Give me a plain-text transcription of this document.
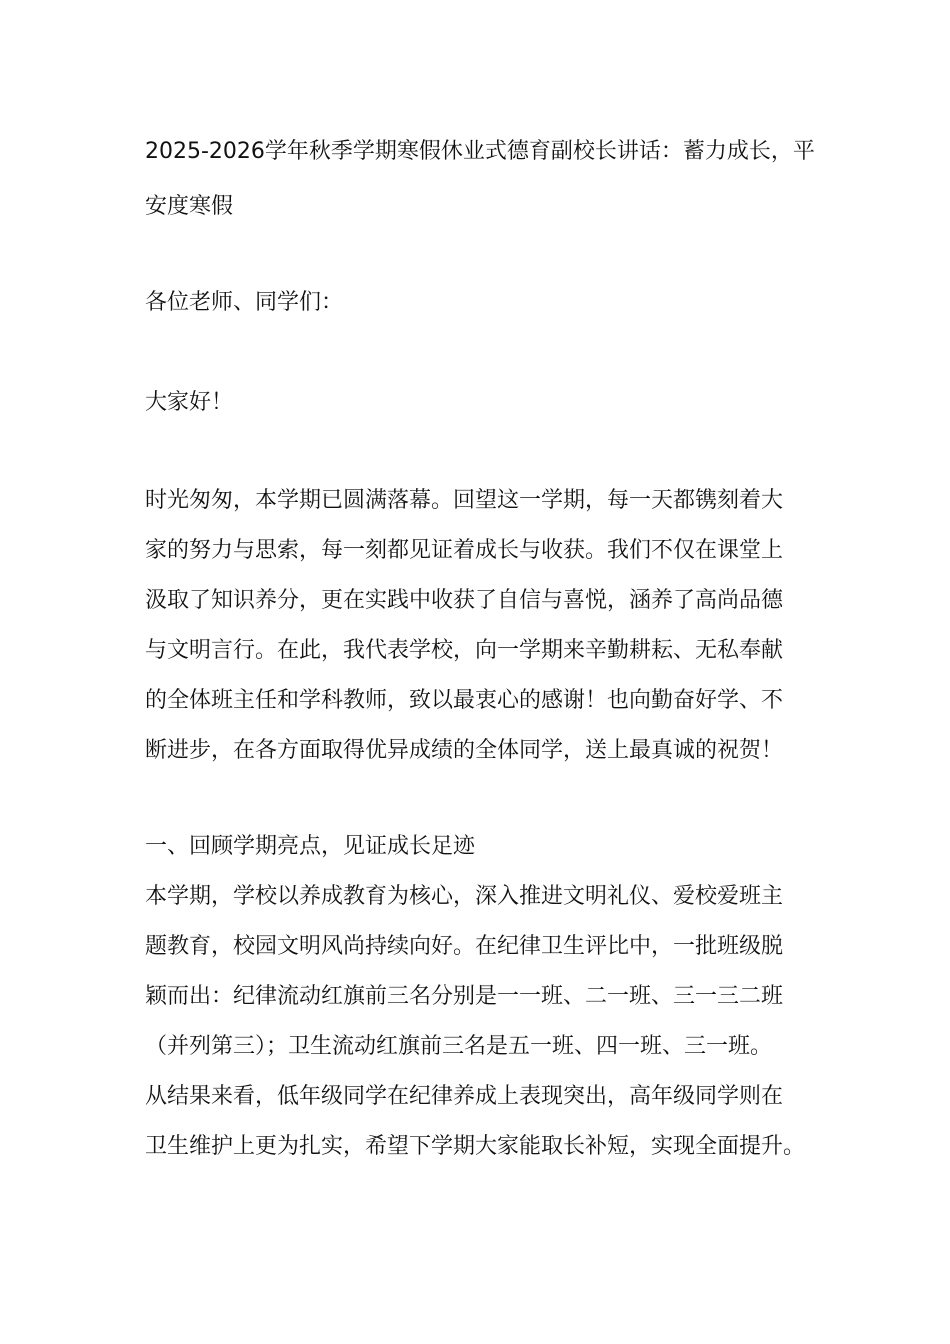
2025-2026学年秋季学期寒假休业式德育副校长讲话：蓄力成长，平
安度寒假
各位老师、同学们：
大家好！
时光匆匆，本学期已圆满落幕。回望这一学期，每一天都镌刻着大
家的努力与思索，每一刻都见证着成长与收获。我们不仅在课堂上
汲取了知识养分，更在实践中收获了自信与喜悦，涵养了高尚品德
与文明言行。在此，我代表学校，向一学期来辛勤耕耘、无私奉献
的全体班主任和学科教师，致以最衷心的感谢！也向勤奋好学、不
断进步，在各方面取得优异成绩的全体同学，送上最真诚的祝贺！
一、回顾学期亮点，见证成长足迹
本学期，学校以养成教育为核心，深入推进文明礼仪、爱校爱班主
题教育，校园文明风尚持续向好。在纪律卫生评比中，一批班级脱
颖而出：纪律流动红旗前三名分别是一一班、二一班、三一三二班
（并列第三）；卫生流动红旗前三名是五一班、四一班、三一班。
从结果来看，低年级同学在纪律养成上表现突出，高年级同学则在
卫生维护上更为扎实，希望下学期大家能取长补短，实现全面提升。
